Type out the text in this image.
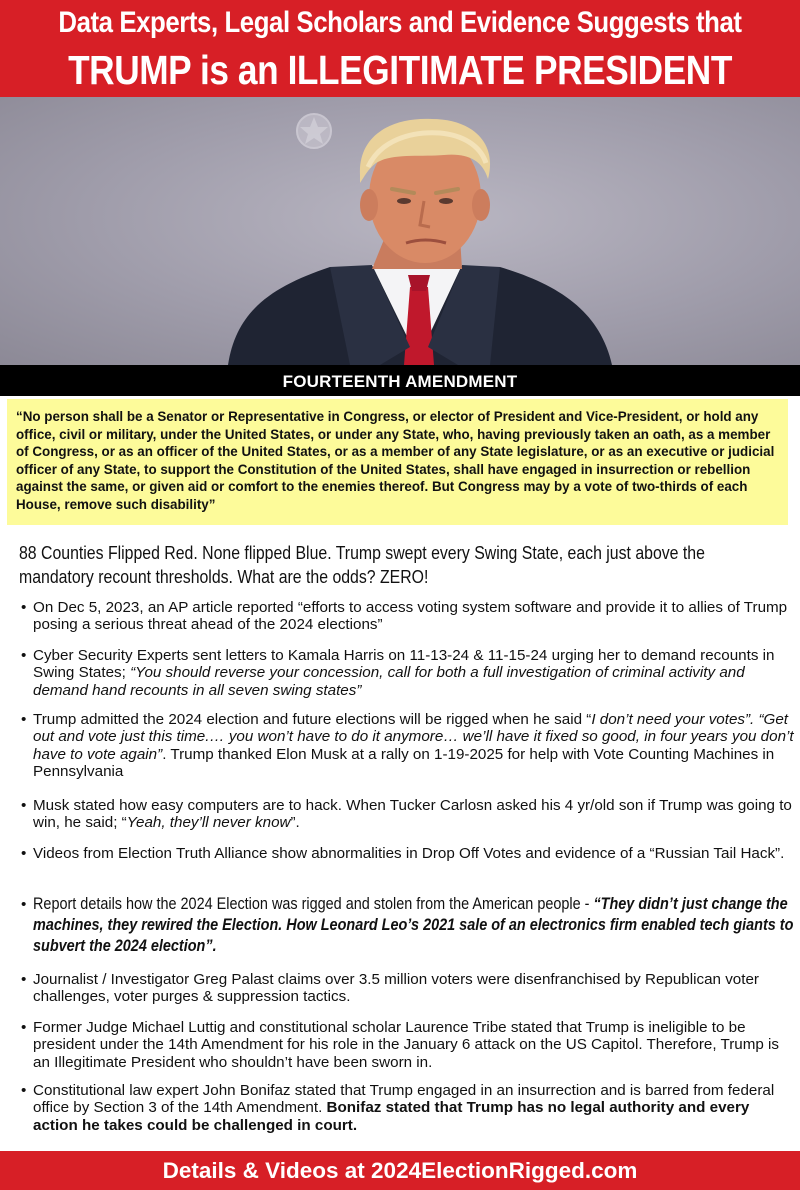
Data Experts, Legal Scholars and Evidence Suggests that
TRUMP is an ILLEGITIMATE PRESIDENT
FOURTEENTH AMENDMENT
“No person shall be a Senator or Representative in Congress, or elector of President and Vice-President, or hold any office, civil or military, under the United States, or under any State, who, having previously taken an oath, as a member of Congress, or as an officer of the United States, or as a member of any State legislature, or as an executive or judicial officer of any State, to support the Constitution of the United States, shall have engaged in insurrection or rebellion against the same, or given aid or comfort to the enemies thereof. But Congress may by a vote of two-thirds of each House, remove such disability”
88 Counties Flipped Red. None flipped Blue. Trump swept every Swing State, each just above the mandatory recount thresholds. What are the odds? ZERO!
• On Dec 5, 2023, an AP article reported “efforts to access voting system software and provide it to allies of Trump posing a serious threat ahead of the 2024 elections”
• Cyber Security Experts sent letters to Kamala Harris on 11-13-24 & 11-15-24 urging her to demand recounts in Swing States; “You should reverse your concession, call for both a full investigation of criminal activity and demand hand recounts in all seven swing states”
• Trump admitted the 2024 election and future elections will be rigged when he said “I don’t need your votes”. “Get out and vote just this time.… you won’t have to do it anymore… we’ll have it fixed so good, in four years you don’t have to vote again”. Trump thanked Elon Musk at a rally on 1-19-2025 for help with Vote Counting Machines in Pennsylvania
• Musk stated how easy computers are to hack. When Tucker Carlosn asked his 4 yr/old son if Trump was going to win, he said; “Yeah, they’ll never know”.
• Videos from Election Truth Alliance show abnormalities in Drop Off Votes and evidence of a “Russian Tail Hack”.
• Report details how the 2024 Election was rigged and stolen from the American people - “They didn’t just change the machines, they rewired the Election. How Leonard Leo’s 2021 sale of an electronics firm enabled tech giants to subvert the 2024 election”.
• Journalist / Investigator Greg Palast claims over 3.5 million voters were disenfranchised by Republican voter challenges, voter purges & suppression tactics.
• Former Judge Michael Luttig and constitutional scholar Laurence Tribe stated that Trump is ineligible to be president under the 14th Amendment for his role in the January 6 attack on the US Capitol. Therefore, Trump is an Illegitimate President who shouldn’t have been sworn in.
• Constitutional law expert John Bonifaz stated that Trump engaged in an insurrection and is barred from federal office by Section 3 of the 14th Amendment. Bonifaz stated that Trump has no legal authority and every action he takes could be challenged in court.
Details & Videos at 2024ElectionRigged.com
